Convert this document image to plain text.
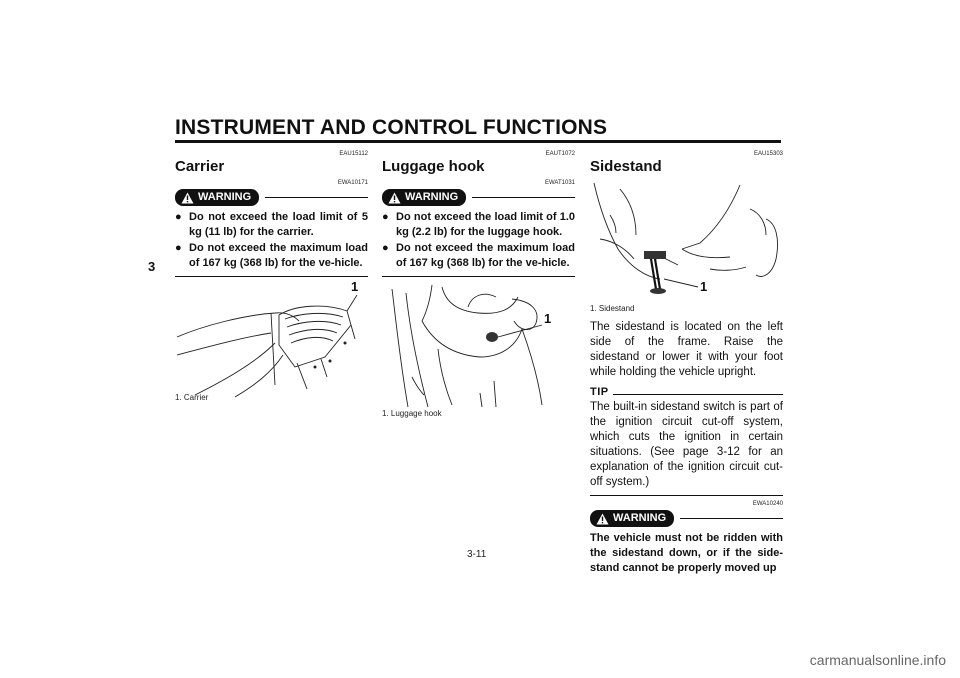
INSTRUMENT AND CONTROL FUNCTIONS
3
EAU15112
Carrier
EWA10171
WARNING
● Do not exceed the load limit of 5 kg (11 lb) for the carrier.
● Do not exceed the maximum load of 167 kg (368 lb) for the ve-hicle.
1
1. Carrier
EAUT1072
Luggage hook
EWAT1031
WARNING
● Do not exceed the load limit of 1.0 kg (2.2 lb) for the luggage hook.
● Do not exceed the maximum load of 167 kg (368 lb) for the ve-hicle.
1
1. Luggage hook
EAU15303
Sidestand
1
1. Sidestand

The sidestand is located on the left side of the frame. Raise the sidestand or lower it with your foot while holding the vehicle upright.

TIP

The built-in sidestand switch is part of the ignition circuit cut-off system, which cuts the ignition in certain situations. (See page 3-12 for an explanation of the ignition circuit cut-off system.)

EWA10240
WARNING

The vehicle must not be ridden with the sidestand down, or if the side-stand cannot be properly moved up

3-11
carmanualsonline.info
